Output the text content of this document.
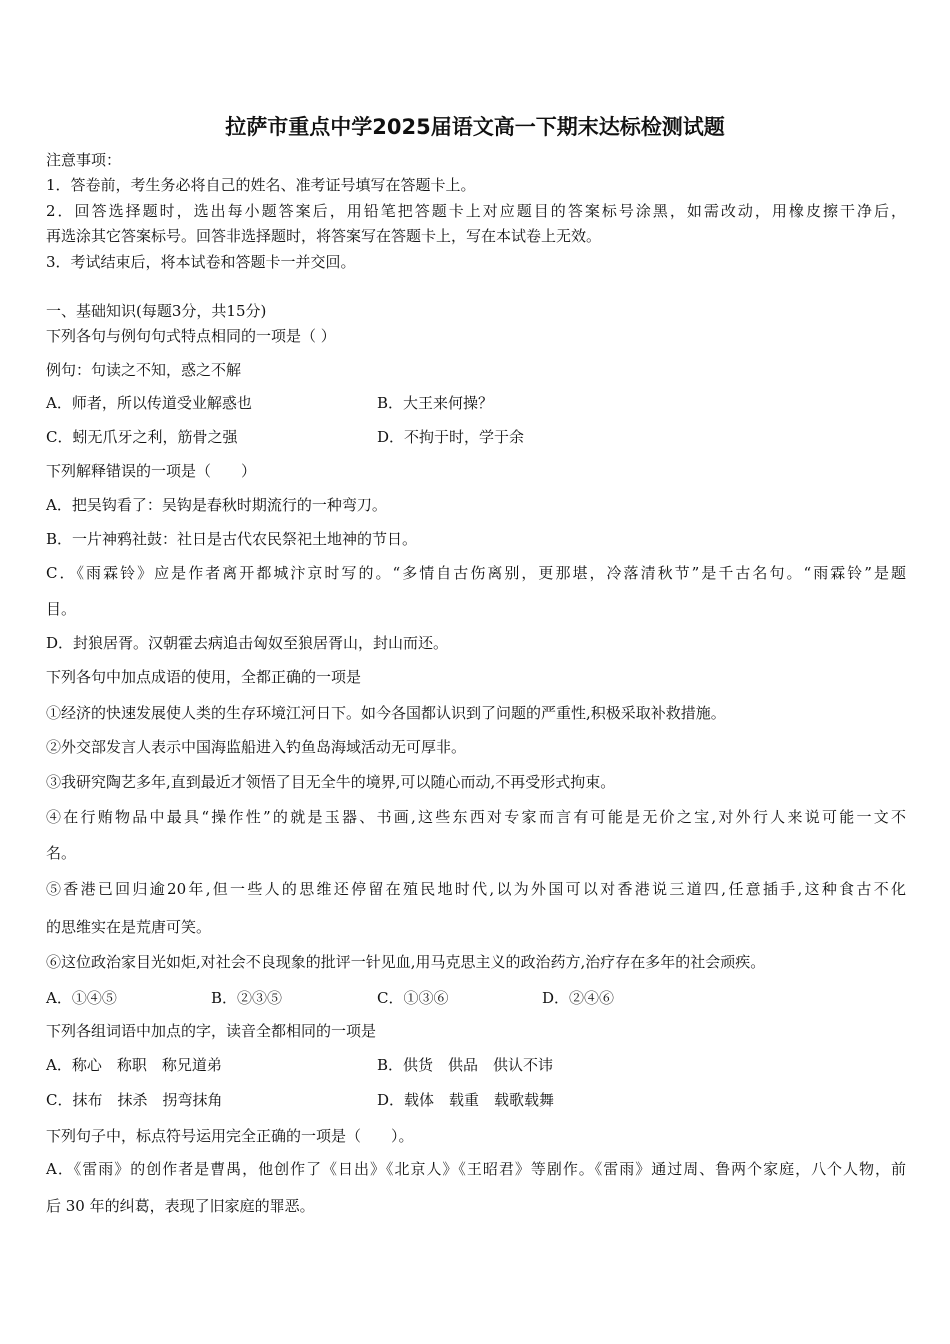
拉萨市重点中学2025届语文高一下期末达标检测试题
注意事项：
1．答卷前，考生务必将自己的姓名、准考证号填写在答题卡上。
2．回答选择题时，选出每小题答案后，用铅笔把答题卡上对应题目的答案标号涂黑，如需改动，用橡皮擦干净后，
再选涂其它答案标号。回答非选择题时，将答案写在答题卡上，写在本试卷上无效。
3．考试结束后，将本试卷和答题卡一并交回。
一、基础知识(每题3分，共15分)
下列各句与例句句式特点相同的一项是（ ）
例句：句读之不知，惑之不解
A．师者，所以传道受业解惑也	B．大王来何操？
C．蚓无爪牙之利，筋骨之强	D．不拘于时，学于余
下列解释错误的一项是（　　）
A．把吴钩看了：吴钩是春秋时期流行的一种弯刀。
B．一片神鸦社鼓：社日是古代农民祭祀土地神的节日。
C．《雨霖铃》应是作者离开都城汴京时写的。“多情自古伤离别，更那堪，冷落清秋节”是千古名句。“雨霖铃”是题
目。
D．封狼居胥。汉朝霍去病追击匈奴至狼居胥山，封山而还。
下列各句中加点成语的使用，全都正确的一项是
①经济的快速发展使人类的生存环境江河日下。如今各国都认识到了问题的严重性,积极采取补救措施。
②外交部发言人表示中国海监船进入钓鱼岛海域活动无可厚非。
③我研究陶艺多年,直到最近才领悟了目无全牛的境界,可以随心而动,不再受形式拘束。
④在行贿物品中最具“操作性”的就是玉器、书画,这些东西对专家而言有可能是无价之宝,对外行人来说可能一文不
名。
⑤香港已回归逾20年,但一些人的思维还停留在殖民地时代,以为外国可以对香港说三道四,任意插手,这种食古不化
的思维实在是荒唐可笑。
⑥这位政治家目光如炬,对社会不良现象的批评一针见血,用马克思主义的政治药方,治疗存在多年的社会顽疾。
A．①④⑤	B．②③⑤	C．①③⑥	D．②④⑥
下列各组词语中加点的字，读音全都相同的一项是
A．称心　称职　称兄道弟	B．供货　供品　供认不讳
C．抹布　抹杀　拐弯抹角	D．载体　载重　载歌载舞
下列句子中，标点符号运用完全正确的一项是（　　）。
A．《雷雨》的创作者是曹禺，他创作了《日出》《北京人》《王昭君》等剧作。《雷雨》通过周、鲁两个家庭，八个人物，前
后 30 年的纠葛，表现了旧家庭的罪恶。
